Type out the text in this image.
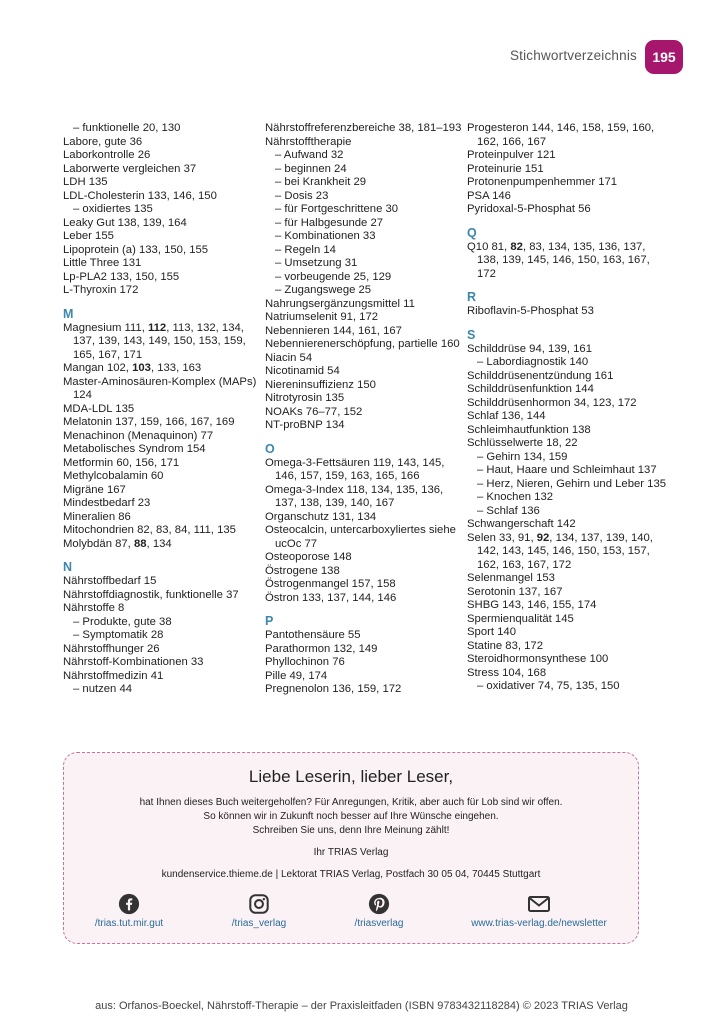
Stichwortverzeichnis	195
– funktionelle 20, 130
Labore, gute 36
Laborkontrolle 26
Laborwerte vergleichen 37
LDH 135
LDL-Cholesterin 133, 146, 150
– oxidiertes 135
Leaky Gut 138, 139, 164
Leber 155
Lipoprotein (a) 133, 150, 155
Little Three 131
Lp-PLA2 133, 150, 155
L-Thyroxin 172
M
Magnesium 111, 112, 113, 132, 134, 137, 139, 143, 149, 150, 153, 159, 165, 167, 171
Mangan 102, 103, 133, 163
Master-Aminosäuren-Komplex (MAPs) 124
MDA-LDL 135
Melatonin 137, 159, 166, 167, 169
Menachinon (Menaquinon) 77
Metabolisches Syndrom 154
Metformin 60, 156, 171
Methylcobalamin 60
Migräne 167
Mindestbedarf 23
Mineralien 86
Mitochondrien 82, 83, 84, 111, 135
Molybdän 87, 88, 134
N
Nährstoffbedarf 15
Nährstoffdiagnostik, funktionelle 37
Nährstoffe 8
– Produkte, gute 38
– Symptomatik 28
Nährstoffhunger 26
Nährstoff-Kombinationen 33
Nährstoffmedizin 41
– nutzen 44
Nährstoffreferenzbereiche 38, 181–193
Nährstofftherapie
– Aufwand 32
– beginnen 24
– bei Krankheit 29
– Dosis 23
– für Fortgeschrittene 30
– für Halbgesunde 27
– Kombinationen 33
– Regeln 14
– Umsetzung 31
– vorbeugende 25, 129
– Zugangswege 25
Nahrungsergänzungsmittel 11
Natriumselenit 91, 172
Nebennieren 144, 161, 167
Nebennierenerschöpfung, partielle 160
Niacin 54
Nicotinamid 54
Niereninsuffizienz 150
Nitrotyrosin 135
NOAKs 76–77, 152
NT-proBNP 134
O
Omega-3-Fettsäuren 119, 143, 145, 146, 157, 159, 163, 165, 166
Omega-3-Index 118, 134, 135, 136, 137, 138, 139, 140, 167
Organschutz 131, 134
Osteocalcin, untercarboxyliertes siehe ucOc 77
Osteoporose 148
Östrogene 138
Östrogenmangel 157, 158
Östron 133, 137, 144, 146
P
Pantothensäure 55
Parathormon 132, 149
Phyllochinon 76
Pille 49, 174
Pregnenolon 136, 159, 172
Progesteron 144, 146, 158, 159, 160, 162, 166, 167
Proteinpulver 121
Proteinurie 151
Protonenpumpenhemmer 171
PSA 146
Pyridoxal-5-Phosphat 56
Q
Q10 81, 82, 83, 134, 135, 136, 137, 138, 139, 145, 146, 150, 163, 167, 172
R
Riboflavin-5-Phosphat 53
S
Schilddrüse 94, 139, 161
– Labordiagnostik 140
Schilddrüsenentzündung 161
Schilddrüsenfunktion 144
Schilddrüsenhormon 34, 123, 172
Schlaf 136, 144
Schleimhautfunktion 138
Schlüsselwerte 18, 22
– Gehirn 134, 159
– Haut, Haare und Schleimhaut 137
– Herz, Nieren, Gehirn und Leber 135
– Knochen 132
– Schlaf 136
Schwangerschaft 142
Selen 33, 91, 92, 134, 137, 139, 140, 142, 143, 145, 146, 150, 153, 157, 162, 163, 167, 172
Selenmangel 153
Serotonin 137, 167
SHBG 143, 146, 155, 174
Spermienqualität 145
Sport 140
Statine 83, 172
Steroidhormonsynthese 100
Stress 104, 168
– oxidativer 74, 75, 135, 150
Liebe Leserin, lieber Leser,
hat Ihnen dieses Buch weitergeholfen? Für Anregungen, Kritik, aber auch für Lob sind wir offen.
So können wir in Zukunft noch besser auf Ihre Wünsche eingehen.
Schreiben Sie uns, denn Ihre Meinung zählt!
Ihr TRIAS Verlag
kundenservice.thieme.de | Lektorat TRIAS Verlag, Postfach 30 05 04, 70445 Stuttgart
/trias.tut.mir.gut	/trias_verlag	/triasverlag	www.trias-verlag.de/newsletter
aus: Orfanos-Boeckel, Nährstoff-Therapie – der Praxisleitfaden (ISBN 9783432118284) © 2023 TRIAS Verlag
